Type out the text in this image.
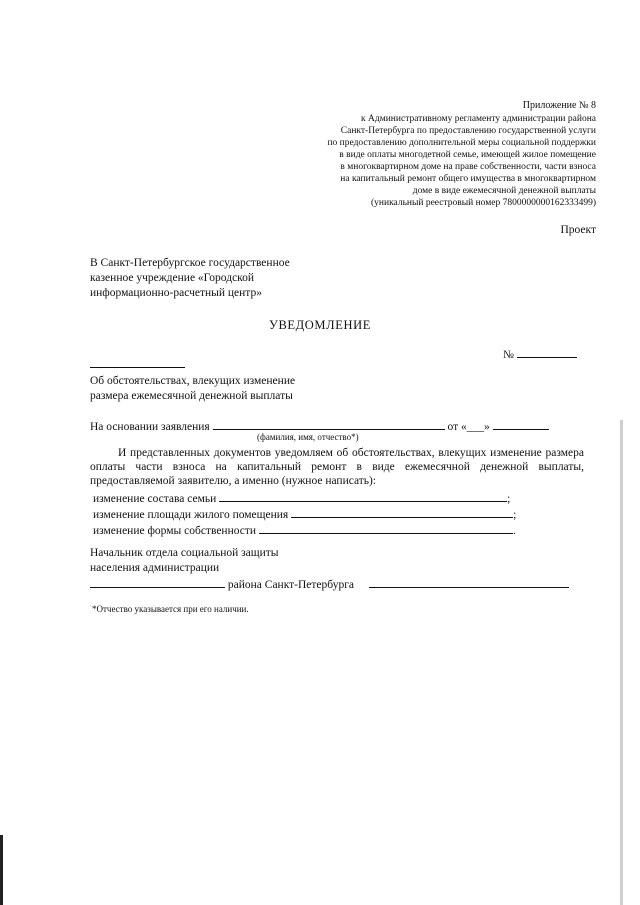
Приложение № 8
к Административному регламенту администрации района
Санкт-Петербурга по предоставлению государственной услуги
по предоставлению дополнительной меры социальной поддержки
в виде оплаты многодетной семье, имеющей жилое помещение
в многоквартирном доме на праве собственности, части взноса
на капитальный ремонт общего имущества в многоквартирном
доме в виде ежемесячной денежной выплаты
(уникальный реестровый номер 7800000000162333499)
Проект
В Санкт-Петербургское государственное
казенное учреждение «Городской
информационно-расчетный центр»
УВЕДОМЛЕНИЕ
№
Об обстоятельствах, влекущих изменение
размера ежемесячной денежной выплаты
На основании заявления	от «___»
(фамилия, имя, отчество*)
И представленных документов уведомляем об обстоятельствах, влекущих изменение размера
оплаты части взноса на капитальный ремонт в виде ежемесячной денежной выплаты,
предоставляемой заявителю, а именно (нужное написать):
изменение состава семьи	;
изменение площади жилого помещения	;
изменение формы собственности	.
Начальник отдела социальной защиты
населения администрации
района Санкт-Петербурга
*Отчество указывается при его наличии.
